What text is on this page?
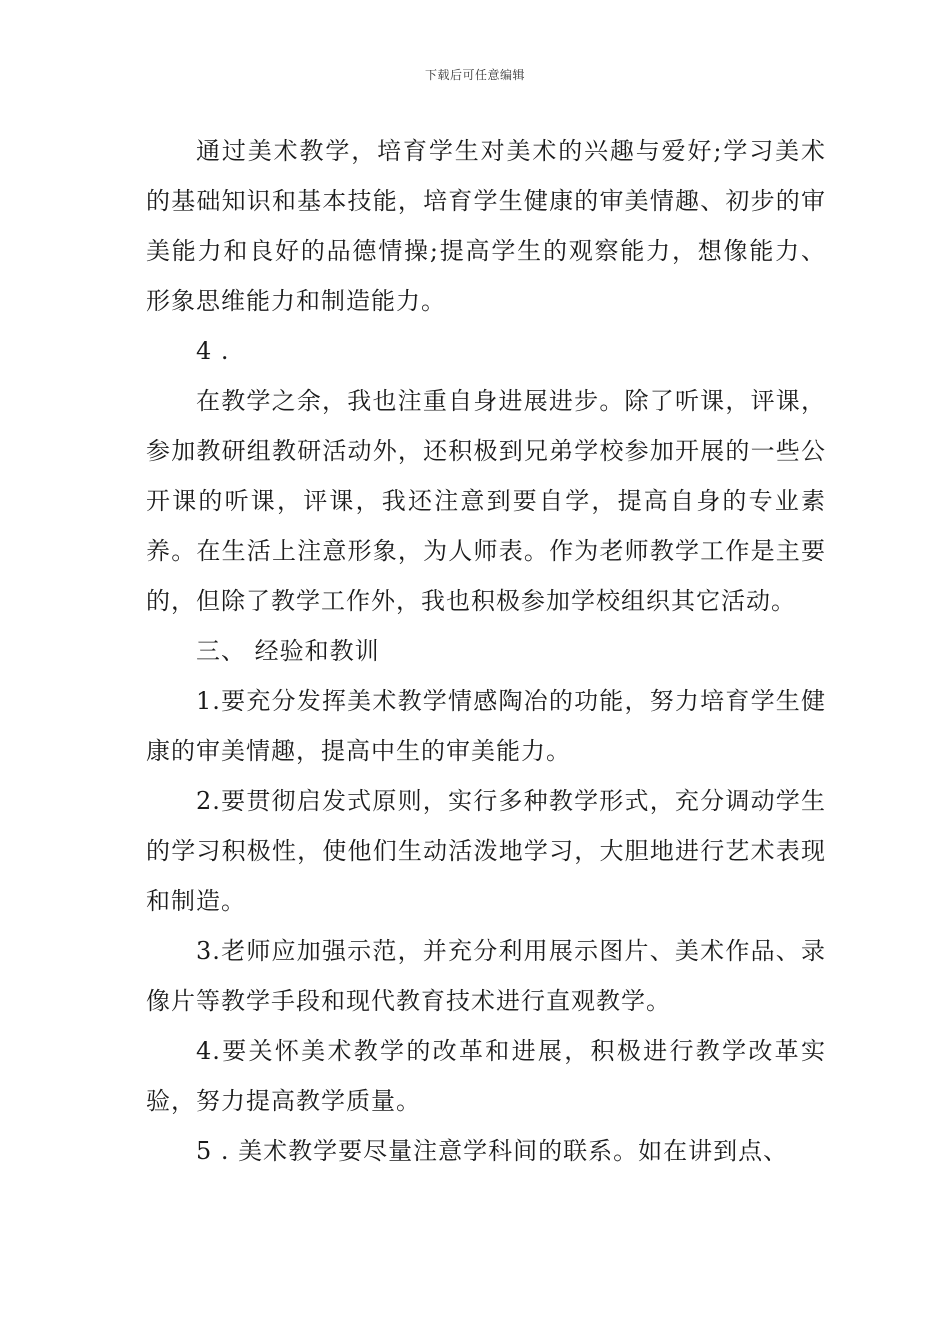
下载后可任意编辑

通过美术教学，培育学生对美术的兴趣与爱好;学习美术的基础知识和基本技能，培育学生健康的审美情趣、初步的审美能力和良好的品德情操;提高学生的观察能力，想像能力、形象思维能力和制造能力。

4 .

在教学之余，我也注重自身进展进步。除了听课，评课，参加教研组教研活动外，还积极到兄弟学校参加开展的一些公开课的听课，评课，我还注意到要自学，提高自身的专业素养。在生活上注意形象，为人师表。作为老师教学工作是主要的，但除了教学工作外，我也积极参加学校组织其它活动。

三、 经验和教训

1.要充分发挥美术教学情感陶冶的功能，努力培育学生健康的审美情趣，提高中生的审美能力。

2.要贯彻启发式原则，实行多种教学形式，充分调动学生的学习积极性，使他们生动活泼地学习，大胆地进行艺术表现和制造。

3.老师应加强示范，并充分利用展示图片、美术作品、录像片等教学手段和现代教育技术进行直观教学。

4.要关怀美术教学的改革和进展，积极进行教学改革实验，努力提高教学质量。

5 . 美术教学要尽量注意学科间的联系。如在讲到点、
